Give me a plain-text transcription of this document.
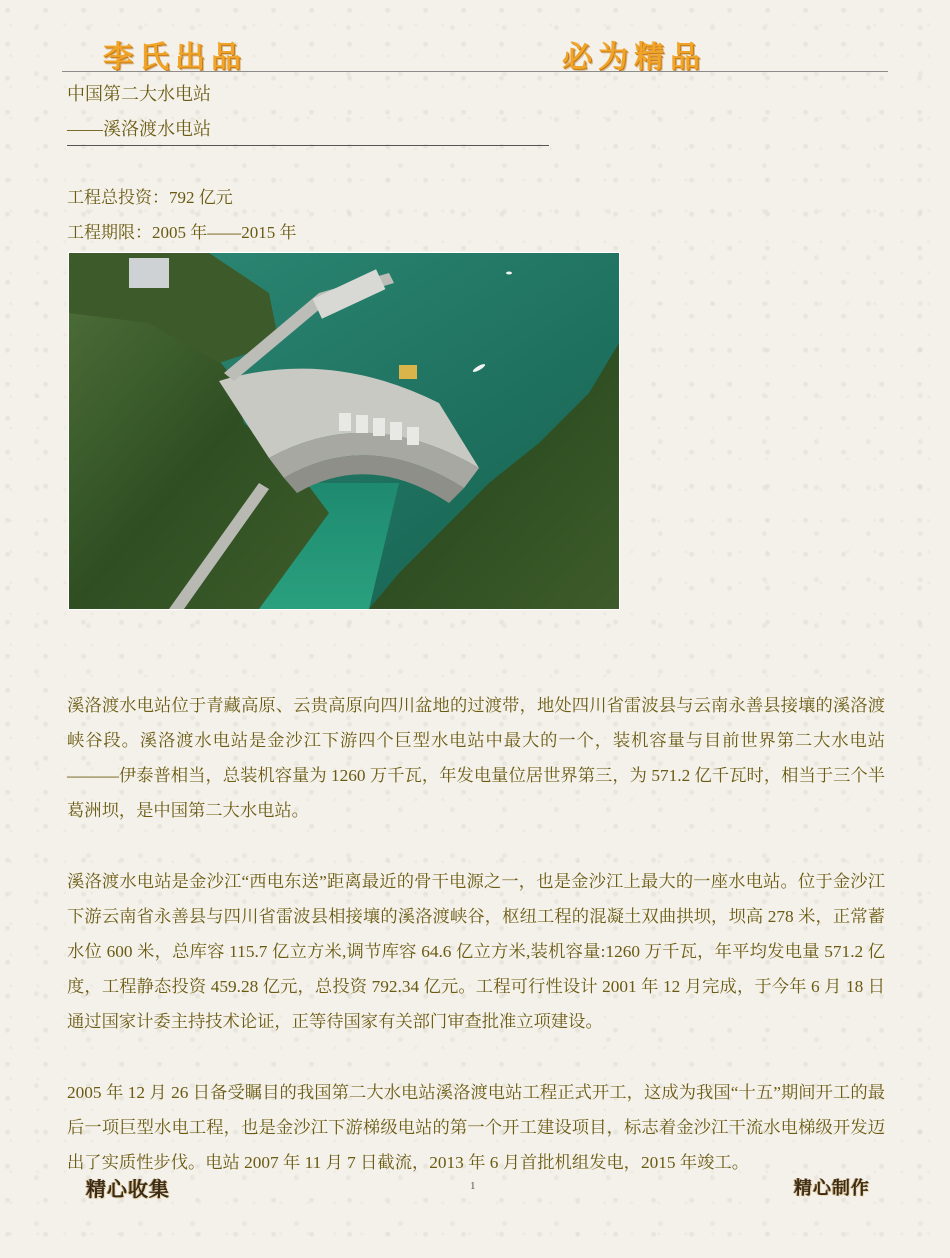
李氏出品	必为精品
中国第二大水电站
——溪洛渡水电站
工程总投资：792 亿元
工程期限：2005 年——2015 年

溪洛渡水电站位于青藏高原、云贵高原向四川盆地的过渡带，地处四川省雷波县与云南永善县接壤的溪洛渡峡谷段。溪洛渡水电站是金沙江下游四个巨型水电站中最大的一个，装机容量与目前世界第二大水电站———伊泰普相当，总装机容量为 1260 万千瓦，年发电量位居世界第三，为 571.2 亿千瓦时，相当于三个半葛洲坝，是中国第二大水电站。

溪洛渡水电站是金沙江“西电东送”距离最近的骨干电源之一，也是金沙江上最大的一座水电站。位于金沙江下游云南省永善县与四川省雷波县相接壤的溪洛渡峡谷，枢纽工程的混凝土双曲拱坝，坝高 278 米，正常蓄水位 600 米，总库容 115.7 亿立方米,调节库容 64.6 亿立方米,装机容量:1260 万千瓦，年平均发电量 571.2 亿度，工程静态投资 459.28 亿元，总投资 792.34 亿元。工程可行性设计 2001 年 12 月完成，于今年 6 月 18 日通过国家计委主持技术论证，正等待国家有关部门审查批准立项建设。

2005 年 12 月 26 日备受瞩目的我国第二大水电站溪洛渡电站工程正式开工，这成为我国“十五”期间开工的最后一项巨型水电工程，也是金沙江下游梯级电站的第一个开工建设项目，标志着金沙江干流水电梯级开发迈出了实质性步伐。电站 2007 年 11 月 7 日截流，2013 年 6 月首批机组发电，2015 年竣工。

精心收集	1	精心制作
